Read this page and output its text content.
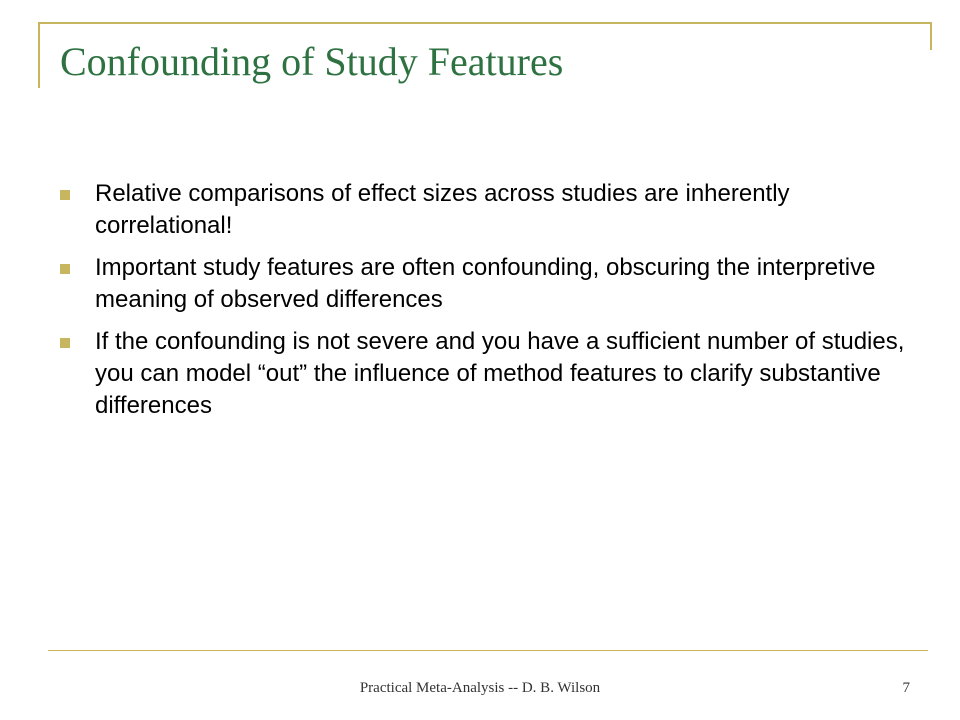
Confounding of Study Features
Relative comparisons of effect sizes across studies are inherently correlational!
Important study features are often confounding, obscuring the interpretive meaning of observed differences
If the confounding is not severe and you have a sufficient number of studies, you can model “out” the influence of method features to clarify substantive differences
Practical Meta-Analysis -- D. B. Wilson	7
